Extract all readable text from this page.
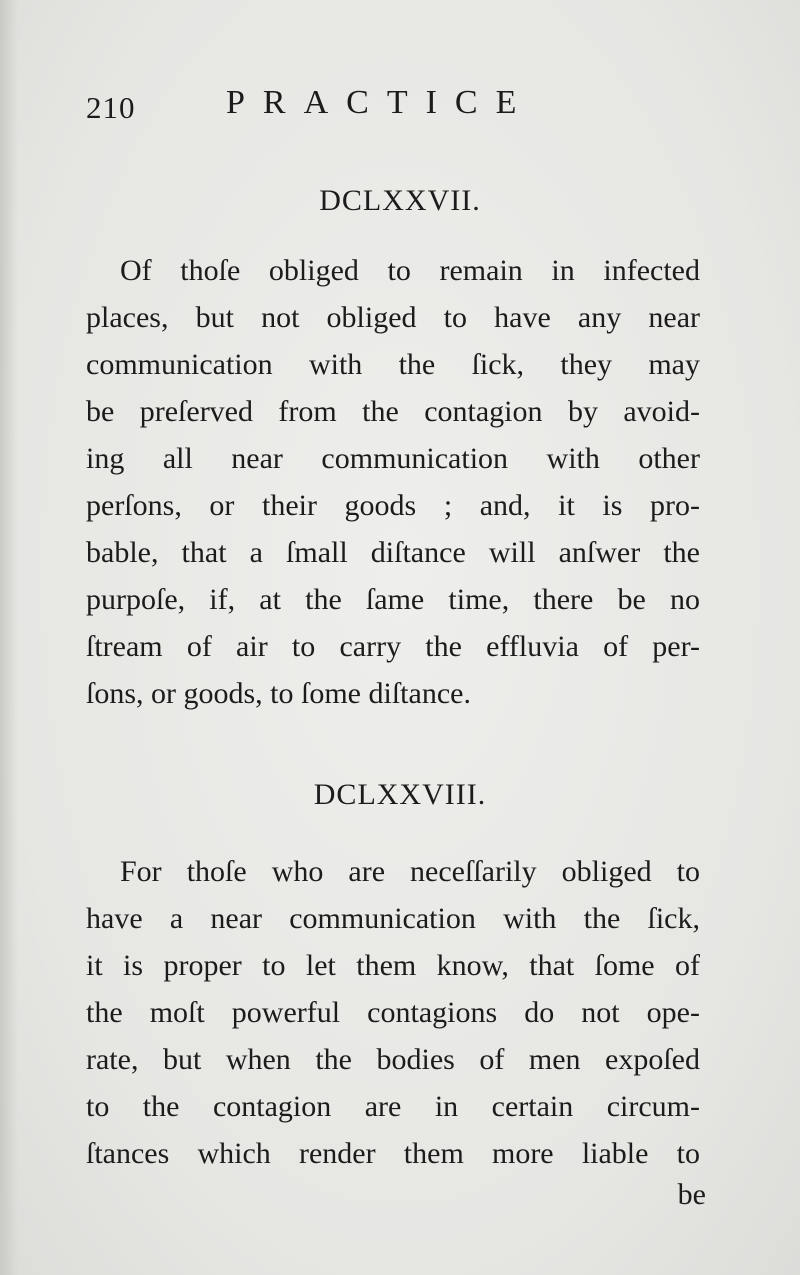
210	PRACTICE
DCLXXVII.
Of thoſe obliged to remain in infected
places, but not obliged to have any near
communication with the ſick, they may
be preſerved from the contagion by avoid-
ing all near communication with other
perſons, or their goods ; and, it is pro-
bable, that a ſmall diſtance will anſwer the
purpoſe, if, at the ſame time, there be no
ſtream of air to carry the effluvia of per-
ſons, or goods, to ſome diſtance.
DCLXXVIII.
For thoſe who are neceſſarily obliged to
have a near communication with the ſick,
it is proper to let them know, that ſome of
the moſt powerful contagions do not ope-
rate, but when the bodies of men expoſed
to the contagion are in certain circum-
ſtances which render them more liable to
be
